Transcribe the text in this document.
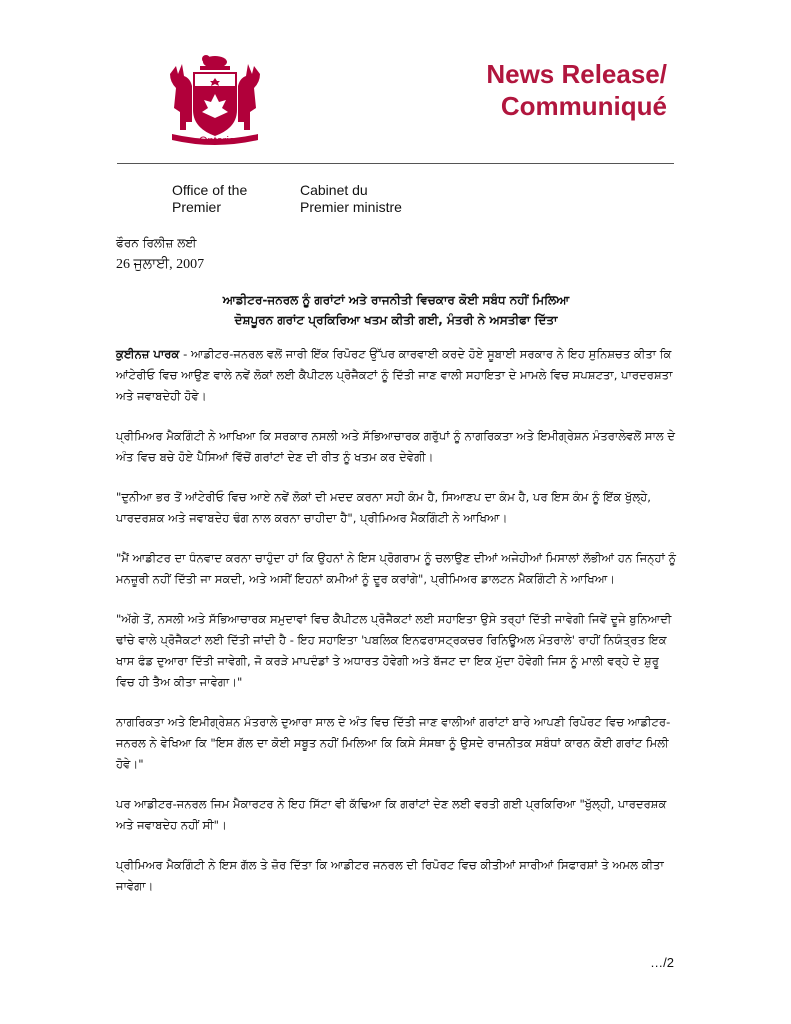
Ontario
News Release/
Communiqué
Office of the
Premier
Cabinet du
Premier ministre
ਫੌਰਨ ਰਿਲੀਜ਼ ਲਈ
26 ਜੁਲਾਈ, 2007
ਆਡੀਟਰ-ਜਨਰਲ ਨੂੰ ਗਰਾਂਟਾਂ ਅਤੇ ਰਾਜਨੀਤੀ ਵਿਚਕਾਰ ਕੋਈ ਸਬੰਧ ਨਹੀਂ ਮਿਲਿਆ
ਦੋਸ਼ਪੂਰਨ ਗਰਾਂਟ ਪ੍ਰਕਿਰਿਆ ਖਤਮ ਕੀਤੀ ਗਈ, ਮੰਤਰੀ ਨੇ ਅਸਤੀਫਾ ਦਿੱਤਾ

ਕੁਈਨਜ਼ ਪਾਰਕ - ਆਡੀਟਰ-ਜਨਰਲ ਵਲੋਂ ਜਾਰੀ ਇੱਕ ਰਿਪੋਰਟ ਉੱਪਰ ਕਾਰਵਾਈ ਕਰਦੇ ਹੋਏ ਸੂਬਾਈ ਸਰਕਾਰ ਨੇ ਇਹ ਸੁਨਿਸ਼ਚਤ ਕੀਤਾ ਕਿ ਆਂਟੇਰੀਓ ਵਿਚ ਆਉਣ ਵਾਲੇ ਨਵੇਂ ਲੋਕਾਂ ਲਈ ਕੈਪੀਟਲ ਪ੍ਰੋਜੈਕਟਾਂ ਨੂੰ ਦਿੱਤੀ ਜਾਣ ਵਾਲੀ ਸਹਾਇਤਾ ਦੇ ਮਾਮਲੇ ਵਿਚ ਸਪਸ਼ਟਤਾ, ਪਾਰਦਰਸ਼ਤਾ ਅਤੇ ਜਵਾਬਦੇਹੀ ਹੋਵੇ।

ਪ੍ਰੀਮਿਅਰ ਮੈਕਗਿੰਟੀ ਨੇ ਆਖਿਆ ਕਿ ਸਰਕਾਰ ਨਸਲੀ ਅਤੇ ਸੱਭਿਆਚਾਰਕ ਗਰੁੱਪਾਂ ਨੂੰ ਨਾਗਰਿਕਤਾ ਅਤੇ ਇਮੀਗ੍ਰੇਸ਼ਨ ਮੰਤਰਾਲੇਵਲੋਂ ਸਾਲ ਦੇ ਅੰਤ ਵਿਚ ਬਚੇ ਹੋਏ ਪੈਸਿਆਂ ਵਿੱਚੋਂ ਗਰਾਂਟਾਂ ਦੇਣ ਦੀ ਰੀਤ ਨੂੰ ਖਤਮ ਕਰ ਦੇਵੇਗੀ।

"ਦੁਨੀਆ ਭਰ ਤੋਂ ਆਂਟੇਰੀਓ ਵਿਚ ਆਏ ਨਵੇਂ ਲੋਕਾਂ ਦੀ ਮਦਦ ਕਰਨਾ ਸਹੀ ਕੰਮ ਹੈ, ਸਿਆਣਪ ਦਾ ਕੰਮ ਹੈ, ਪਰ ਇਸ ਕੰਮ ਨੂੰ ਇੱਕ ਖੁੱਲ੍ਹੇ, ਪਾਰਦਰਸ਼ਕ ਅਤੇ ਜਵਾਬਦੇਹ ਢੰਗ ਨਾਲ ਕਰਨਾ ਚਾਹੀਦਾ ਹੈ", ਪ੍ਰੀਮਿਅਰ ਮੈਕਗਿੰਟੀ ਨੇ ਆਖਿਆ।

"ਮੈਂ ਆਡੀਟਰ ਦਾ ਧੰਨਵਾਦ ਕਰਨਾ ਚਾਹੁੰਦਾ ਹਾਂ ਕਿ ਉਹਨਾਂ ਨੇ ਇਸ ਪ੍ਰੋਗਰਾਮ ਨੂੰ ਚਲਾਉਣ ਦੀਆਂ ਅਜੇਹੀਆਂ ਮਿਸਾਲਾਂ ਲੱਭੀਆਂ ਹਨ ਜਿਨ੍ਹਾਂ ਨੂੰ ਮਨਜ਼ੂਰੀ ਨਹੀਂ ਦਿੱਤੀ ਜਾ ਸਕਦੀ, ਅਤੇ ਅਸੀਂ ਇਹਨਾਂ ਕਮੀਆਂ ਨੂੰ ਦੂਰ ਕਰਾਂਗੇ", ਪ੍ਰੀਮਿਅਰ ਡਾਲਟਨ ਮੈਕਗਿੰਟੀ ਨੇ ਆਖਿਆ।

"ਅੱਗੇ ਤੋਂ, ਨਸਲੀ ਅਤੇ ਸੱਭਿਆਚਾਰਕ ਸਮੁਦਾਵਾਂ ਵਿਚ ਕੈਪੀਟਲ ਪ੍ਰੋਜੈਕਟਾਂ ਲਈ ਸਹਾਇਤਾ ਉਸੇ ਤਰ੍ਹਾਂ ਦਿੱਤੀ ਜਾਵੇਗੀ ਜਿਵੇਂ ਦੂਜੇ ਬੁਨਿਆਦੀ ਢਾਂਚੇ ਵਾਲੇ ਪ੍ਰੋਜੈਕਟਾਂ ਲਈ ਦਿੱਤੀ ਜਾਂਦੀ ਹੈ - ਇਹ ਸਹਾਇਤਾ 'ਪਬਲਿਕ ਇਨਫਰਾਸਟ੍ਰਕਚਰ ਰਿਨਿਊਅਲ ਮੰਤਰਾਲੇ' ਰਾਹੀਂ ਨਿਯੰਤ੍ਰਤ ਇਕ ਖਾਸ ਫੰਡ ਦੁਆਰਾ ਦਿੱਤੀ ਜਾਵੇਗੀ, ਜੋ ਕਰੜੇ ਮਾਪਦੰਡਾਂ ਤੇ ਅਧਾਰਤ ਹੋਵੇਗੀ ਅਤੇ ਬੱਜਟ ਦਾ ਇਕ ਮੁੱਦਾ ਹੋਵੇਗੀ ਜਿਸ ਨੂੰ ਮਾਲੀ ਵਰ੍ਹੇ ਦੇ ਸ਼ੁਰੂ ਵਿਚ ਹੀ ਤੈਅ ਕੀਤਾ ਜਾਵੇਗਾ।"

ਨਾਗਰਿਕਤਾ ਅਤੇ ਇਮੀਗ੍ਰੇਸ਼ਨ ਮੰਤਰਾਲੇ ਦੁਆਰਾ ਸਾਲ ਦੇ ਅੰਤ ਵਿਚ ਦਿੱਤੀ ਜਾਣ ਵਾਲੀਆਂ ਗਰਾਂਟਾਂ ਬਾਰੇ ਆਪਣੀ ਰਿਪੋਰਟ ਵਿਚ ਆਡੀਟਰ-ਜਨਰਲ ਨੇ ਵੇਖਿਆ ਕਿ "ਇਸ ਗੱਲ ਦਾ ਕੋਈ ਸਬੂਤ ਨਹੀਂ ਮਿਲਿਆ ਕਿ ਕਿਸੇ ਸੰਸਥਾ ਨੂੰ ਉਸਦੇ ਰਾਜਨੀਤਕ ਸਬੰਧਾਂ ਕਾਰਨ ਕੋਈ ਗਰਾਂਟ ਮਿਲੀ ਹੋਵੇ।"

ਪਰ ਆਡੀਟਰ-ਜਨਰਲ ਜਿਮ ਮੈਕਾਰਟਰ ਨੇ ਇਹ ਸਿੱਟਾ ਵੀ ਕੱਢਿਆ ਕਿ ਗਰਾਂਟਾਂ ਦੇਣ ਲਈ ਵਰਤੀ ਗਈ ਪ੍ਰਕਿਰਿਆ "ਖੁੱਲ੍ਹੀ, ਪਾਰਦਰਸ਼ਕ ਅਤੇ ਜਵਾਬਦੇਹ ਨਹੀਂ ਸੀ"।

ਪ੍ਰੀਮਿਅਰ ਮੈਕਗਿੰਟੀ ਨੇ ਇਸ ਗੱਲ ਤੇ ਜ਼ੋਰ ਦਿੱਤਾ ਕਿ ਆਡੀਟਰ ਜਨਰਲ ਦੀ ਰਿਪੋਰਟ ਵਿਚ ਕੀਤੀਆਂ ਸਾਰੀਆਂ ਸਿਫਾਰਸ਼ਾਂ ਤੇ ਅਮਲ ਕੀਤਾ ਜਾਵੇਗਾ।

…/2
